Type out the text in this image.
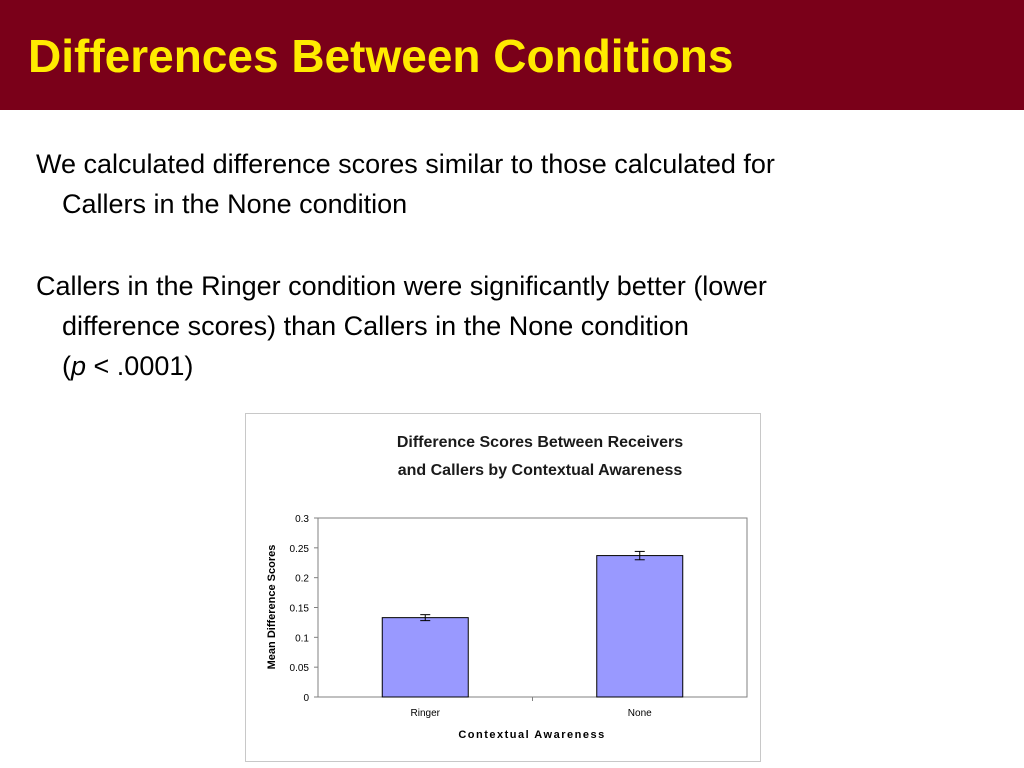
Differences Between Conditions

We calculated difference scores similar to those calculated for
Callers in the None condition

Callers in the Ringer condition were significantly better (lower
difference scores) than Callers in the None condition
(p < .0001)

Difference Scores Between Receivers
and Callers by Contextual Awareness
0
0.05
0.1
0.15
0.2
0.25
0.3
Ringer	None
Contextual Awareness
Mean Difference Scores
